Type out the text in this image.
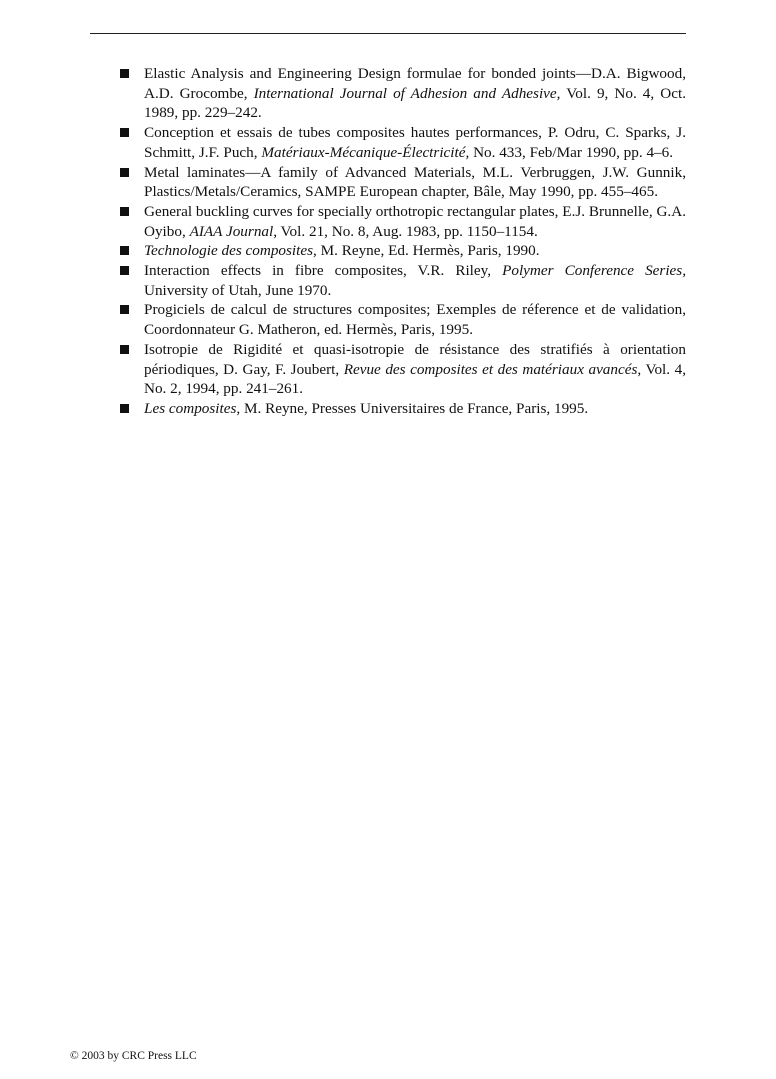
Elastic Analysis and Engineering Design formulae for bonded joints—D.A. Bigwood, A.D. Grocombe, International Journal of Adhesion and Adhesive, Vol. 9, No. 4, Oct. 1989, pp. 229–242.
Conception et essais de tubes composites hautes performances, P. Odru, C. Sparks, J. Schmitt, J.F. Puch, Matériaux-Mécanique-Électricité, No. 433, Feb/Mar 1990, pp. 4–6.
Metal laminates—A family of Advanced Materials, M.L. Verbruggen, J.W. Gunnik, Plastics/Metals/Ceramics, SAMPE European chapter, Bâle, May 1990, pp. 455–465.
General buckling curves for specially orthotropic rectangular plates, E.J. Brunnelle, G.A. Oyibo, AIAA Journal, Vol. 21, No. 8, Aug. 1983, pp. 1150–1154.
Technologie des composites, M. Reyne, Ed. Hermès, Paris, 1990.
Interaction effects in fibre composites, V.R. Riley, Polymer Conference Series, University of Utah, June 1970.
Progiciels de calcul de structures composites; Exemples de réference et de validation, Coordonnateur G. Matheron, ed. Hermès, Paris, 1995.
Isotropie de Rigidité et quasi-isotropie de résistance des stratifiés à orientation périodiques, D. Gay, F. Joubert, Revue des composites et des matériaux avancés, Vol. 4, No. 2, 1994, pp. 241–261.
Les composites, M. Reyne, Presses Universitaires de France, Paris, 1995.
© 2003 by CRC Press LLC
